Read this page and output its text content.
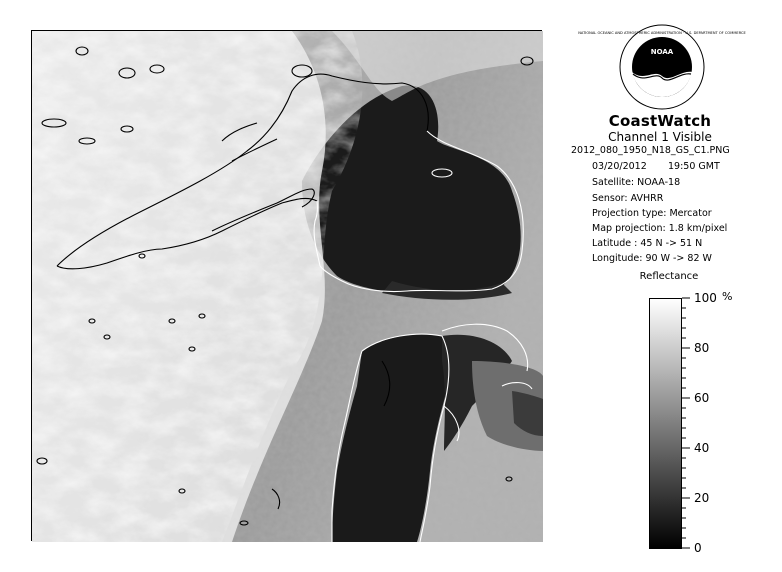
NOAA
NATIONAL OCEANIC AND ATMOSPHERIC ADMINISTRATION · U.S. DEPARTMENT OF COMMERCE
CoastWatch
Channel 1 Visible
2012_080_1950_N18_GS_C1.PNG
03/20/2012 19:50 GMT
Satellite: NOAA-18
Sensor: AVHRR
Projection type: Mercator
Map projection: 1.8 km/pixel
Latitude : 45 N -> 51 N
Longitude: 90 W -> 82 W
Reflectance
%
100
80
60
40
20
0
